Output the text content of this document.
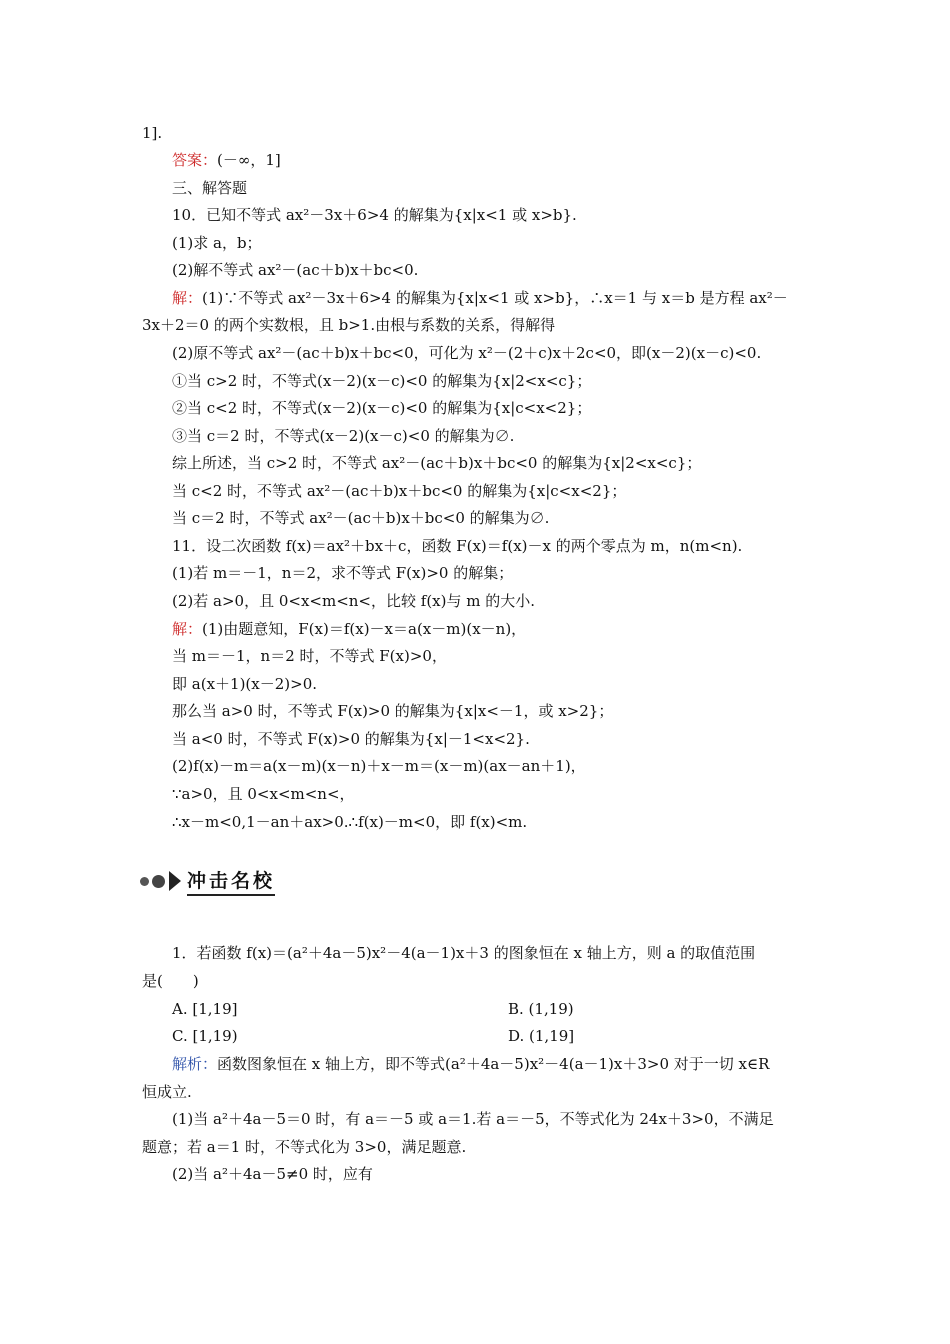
冲击名校
1].
答案：(－∞，1]
三、解答题
10．已知不等式 ax²－3x＋6>4 的解集为{x|x<1 或 x>b}.
(1)求 a，b；
(2)解不等式 ax²－(ac＋b)x＋bc<0.
解：(1)∵不等式 ax²－3x＋6>4 的解集为{x|x<1 或 x>b}，∴x＝1 与 x＝b 是方程 ax²－
3x＋2＝0 的两个实数根，且 b>1.由根与系数的关系，得解得
(2)原不等式 ax²－(ac＋b)x＋bc<0，可化为 x²－(2＋c)x＋2c<0，即(x－2)(x－c)<0.
①当 c>2 时，不等式(x－2)(x－c)<0 的解集为{x|2<x<c}；
②当 c<2 时，不等式(x－2)(x－c)<0 的解集为{x|c<x<2}；
③当 c＝2 时，不等式(x－2)(x－c)<0 的解集为∅.
综上所述，当 c>2 时，不等式 ax²－(ac＋b)x＋bc<0 的解集为{x|2<x<c}；
当 c<2 时，不等式 ax²－(ac＋b)x＋bc<0 的解集为{x|c<x<2}；
当 c＝2 时，不等式 ax²－(ac＋b)x＋bc<0 的解集为∅.
11．设二次函数 f(x)＝ax²＋bx＋c，函数 F(x)＝f(x)－x 的两个零点为 m，n(m<n).
(1)若 m＝－1，n＝2，求不等式 F(x)>0 的解集；
(2)若 a>0，且 0<x<m<n<，比较 f(x)与 m 的大小.
解：(1)由题意知，F(x)＝f(x)－x＝a(x－m)(x－n)，
当 m＝－1，n＝2 时，不等式 F(x)>0，
即 a(x＋1)(x－2)>0.
那么当 a>0 时，不等式 F(x)>0 的解集为{x|x<－1，或 x>2}；
当 a<0 时，不等式 F(x)>0 的解集为{x|－1<x<2}.
(2)f(x)－m＝a(x－m)(x－n)＋x－m＝(x－m)(ax－an＋1)，
∵a>0，且 0<x<m<n<，
∴x－m<0,1－an＋ax>0.∴f(x)－m<0，即 f(x)<m.
1．若函数 f(x)＝(a²＋4a－5)x²－4(a－1)x＋3 的图象恒在 x 轴上方，则 a 的取值范围
是(　　)
恒成立.
(1)当 a²＋4a－5＝0 时，有 a＝－5 或 a＝1.若 a＝－5，不等式化为 24x＋3>0，不满足
题意；若 a＝1 时，不等式化为 3>0，满足题意.
(2)当 a²＋4a－5≠0 时，应有
A. [1,19]	B. (1,19)
C. [1,19)	D. (1,19]
解析：函数图象恒在 x 轴上方，即不等式(a²＋4a－5)x²－4(a－1)x＋3>0 对于一切 x∈R
